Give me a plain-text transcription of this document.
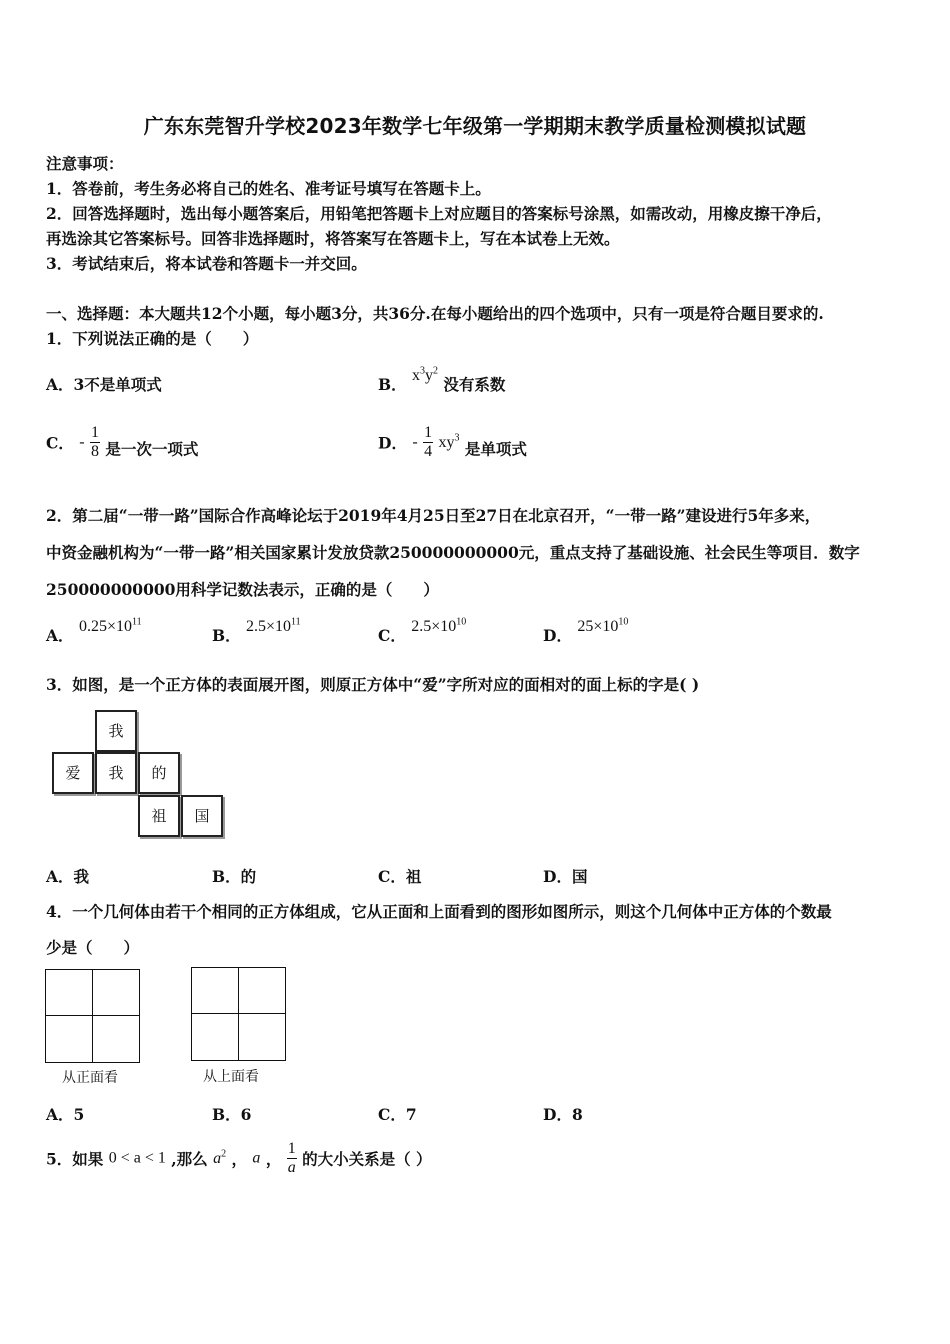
广东东莞智升学校2023年数学七年级第一学期期末教学质量检测模拟试题
注意事项：
1．答卷前，考生务必将自己的姓名、准考证号填写在答题卡上。
2．回答选择题时，选出每小题答案后，用铅笔把答题卡上对应题目的答案标号涂黑，如需改动，用橡皮擦干净后，
再选涂其它答案标号。回答非选择题时，将答案写在答题卡上，写在本试卷上无效。
3．考试结束后，将本试卷和答题卡一并交回。
一、选择题：本大题共12个小题，每小题3分，共36分.在每小题给出的四个选项中，只有一项是符合题目要求的.
1．下列说法正确的是（　　）
A．3不是单项式	B． $x^3y^2$ 没有系数
C． - $\frac{1}{8}$ 是一次一项式	D． - $\frac{1}{4} xy^3$ 是单项式
2．第二届“一带一路”国际合作高峰论坛于2019年4月25日至27日在北京召开，“一带一路”建设进行5年多来，
中资金融机构为“一带一路”相关国家累计发放贷款250000000000元，重点支持了基础设施、社会民生等项目．数字
250000000000用科学记数法表示，正确的是（　　）
A． $0.25\times 10^{11}$
B． $2.5\times 10^{11}$
C． $2.5\times 10^{10}$
D． $25\times 10^{10}$
3．如图，是一个正方体的表面展开图，则原正方体中“爱”字所对应的面相对的面上标的字是( )
我
爱	我	的
祖	国
A．我	B．的	C．祖	D．国
4．一个几何体由若干个相同的正方体组成，它从正面和上面看到的图形如图所示，则这个几何体中正方体的个数最
少是（　　）
从正面看	从上面看
A．5	B．6	C．7	D．8
5．如果 0 < a < 1 ,那么 $a^2$ ， a ， $\frac{1}{a}$ 的大小关系是（ ）
